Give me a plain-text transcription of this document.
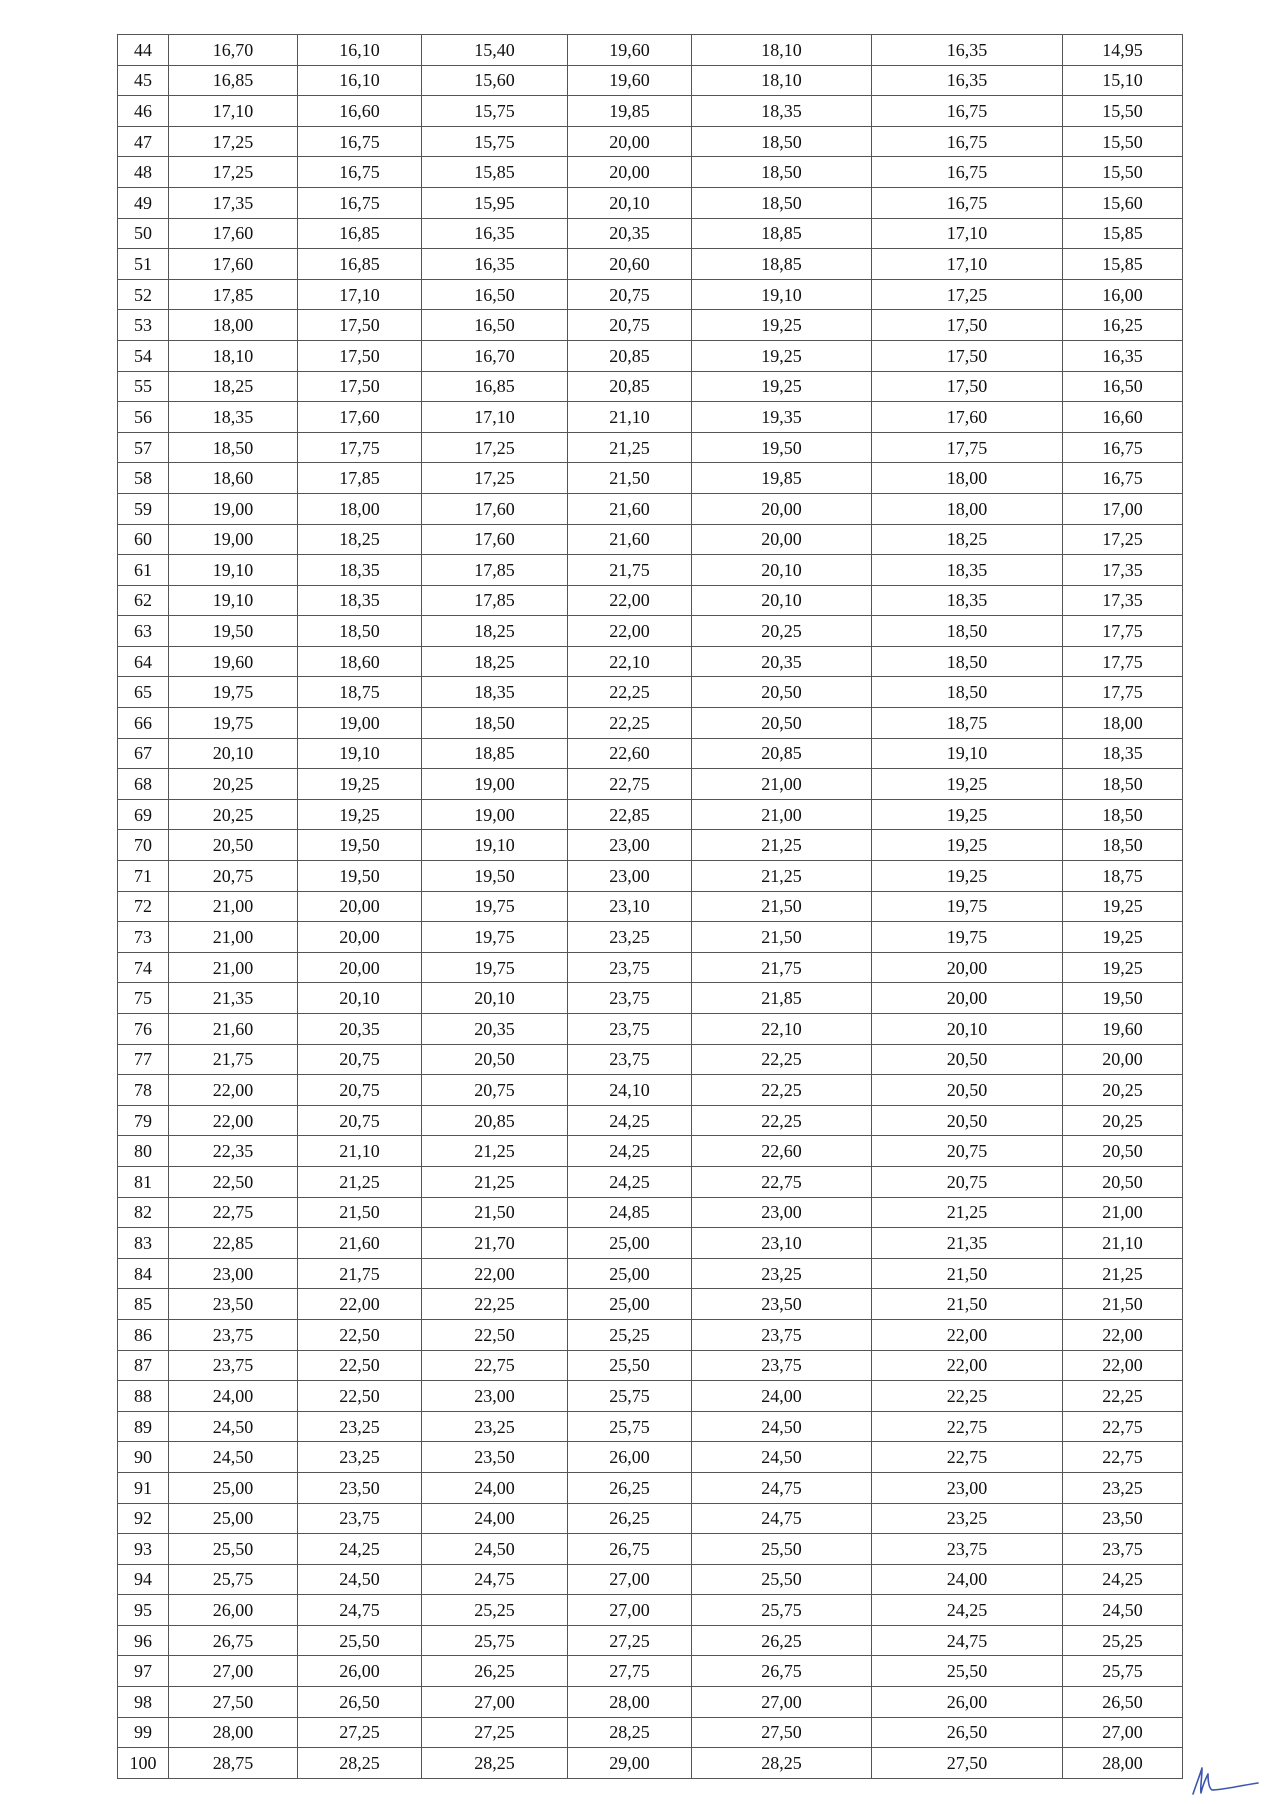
44	16,70	16,10	15,40	19,60	18,10	16,35	14,95
45	16,85	16,10	15,60	19,60	18,10	16,35	15,10
46	17,10	16,60	15,75	19,85	18,35	16,75	15,50
47	17,25	16,75	15,75	20,00	18,50	16,75	15,50
48	17,25	16,75	15,85	20,00	18,50	16,75	15,50
49	17,35	16,75	15,95	20,10	18,50	16,75	15,60
50	17,60	16,85	16,35	20,35	18,85	17,10	15,85
51	17,60	16,85	16,35	20,60	18,85	17,10	15,85
52	17,85	17,10	16,50	20,75	19,10	17,25	16,00
53	18,00	17,50	16,50	20,75	19,25	17,50	16,25
54	18,10	17,50	16,70	20,85	19,25	17,50	16,35
55	18,25	17,50	16,85	20,85	19,25	17,50	16,50
56	18,35	17,60	17,10	21,10	19,35	17,60	16,60
57	18,50	17,75	17,25	21,25	19,50	17,75	16,75
58	18,60	17,85	17,25	21,50	19,85	18,00	16,75
59	19,00	18,00	17,60	21,60	20,00	18,00	17,00
60	19,00	18,25	17,60	21,60	20,00	18,25	17,25
61	19,10	18,35	17,85	21,75	20,10	18,35	17,35
62	19,10	18,35	17,85	22,00	20,10	18,35	17,35
63	19,50	18,50	18,25	22,00	20,25	18,50	17,75
64	19,60	18,60	18,25	22,10	20,35	18,50	17,75
65	19,75	18,75	18,35	22,25	20,50	18,50	17,75
66	19,75	19,00	18,50	22,25	20,50	18,75	18,00
67	20,10	19,10	18,85	22,60	20,85	19,10	18,35
68	20,25	19,25	19,00	22,75	21,00	19,25	18,50
69	20,25	19,25	19,00	22,85	21,00	19,25	18,50
70	20,50	19,50	19,10	23,00	21,25	19,25	18,50
71	20,75	19,50	19,50	23,00	21,25	19,25	18,75
72	21,00	20,00	19,75	23,10	21,50	19,75	19,25
73	21,00	20,00	19,75	23,25	21,50	19,75	19,25
74	21,00	20,00	19,75	23,75	21,75	20,00	19,25
75	21,35	20,10	20,10	23,75	21,85	20,00	19,50
76	21,60	20,35	20,35	23,75	22,10	20,10	19,60
77	21,75	20,75	20,50	23,75	22,25	20,50	20,00
78	22,00	20,75	20,75	24,10	22,25	20,50	20,25
79	22,00	20,75	20,85	24,25	22,25	20,50	20,25
80	22,35	21,10	21,25	24,25	22,60	20,75	20,50
81	22,50	21,25	21,25	24,25	22,75	20,75	20,50
82	22,75	21,50	21,50	24,85	23,00	21,25	21,00
83	22,85	21,60	21,70	25,00	23,10	21,35	21,10
84	23,00	21,75	22,00	25,00	23,25	21,50	21,25
85	23,50	22,00	22,25	25,00	23,50	21,50	21,50
86	23,75	22,50	22,50	25,25	23,75	22,00	22,00
87	23,75	22,50	22,75	25,50	23,75	22,00	22,00
88	24,00	22,50	23,00	25,75	24,00	22,25	22,25
89	24,50	23,25	23,25	25,75	24,50	22,75	22,75
90	24,50	23,25	23,50	26,00	24,50	22,75	22,75
91	25,00	23,50	24,00	26,25	24,75	23,00	23,25
92	25,00	23,75	24,00	26,25	24,75	23,25	23,50
93	25,50	24,25	24,50	26,75	25,50	23,75	23,75
94	25,75	24,50	24,75	27,00	25,50	24,00	24,25
95	26,00	24,75	25,25	27,00	25,75	24,25	24,50
96	26,75	25,50	25,75	27,25	26,25	24,75	25,25
97	27,00	26,00	26,25	27,75	26,75	25,50	25,75
98	27,50	26,50	27,00	28,00	27,00	26,00	26,50
99	28,00	27,25	27,25	28,25	27,50	26,50	27,00
100	28,75	28,25	28,25	29,00	28,25	27,50	28,00
